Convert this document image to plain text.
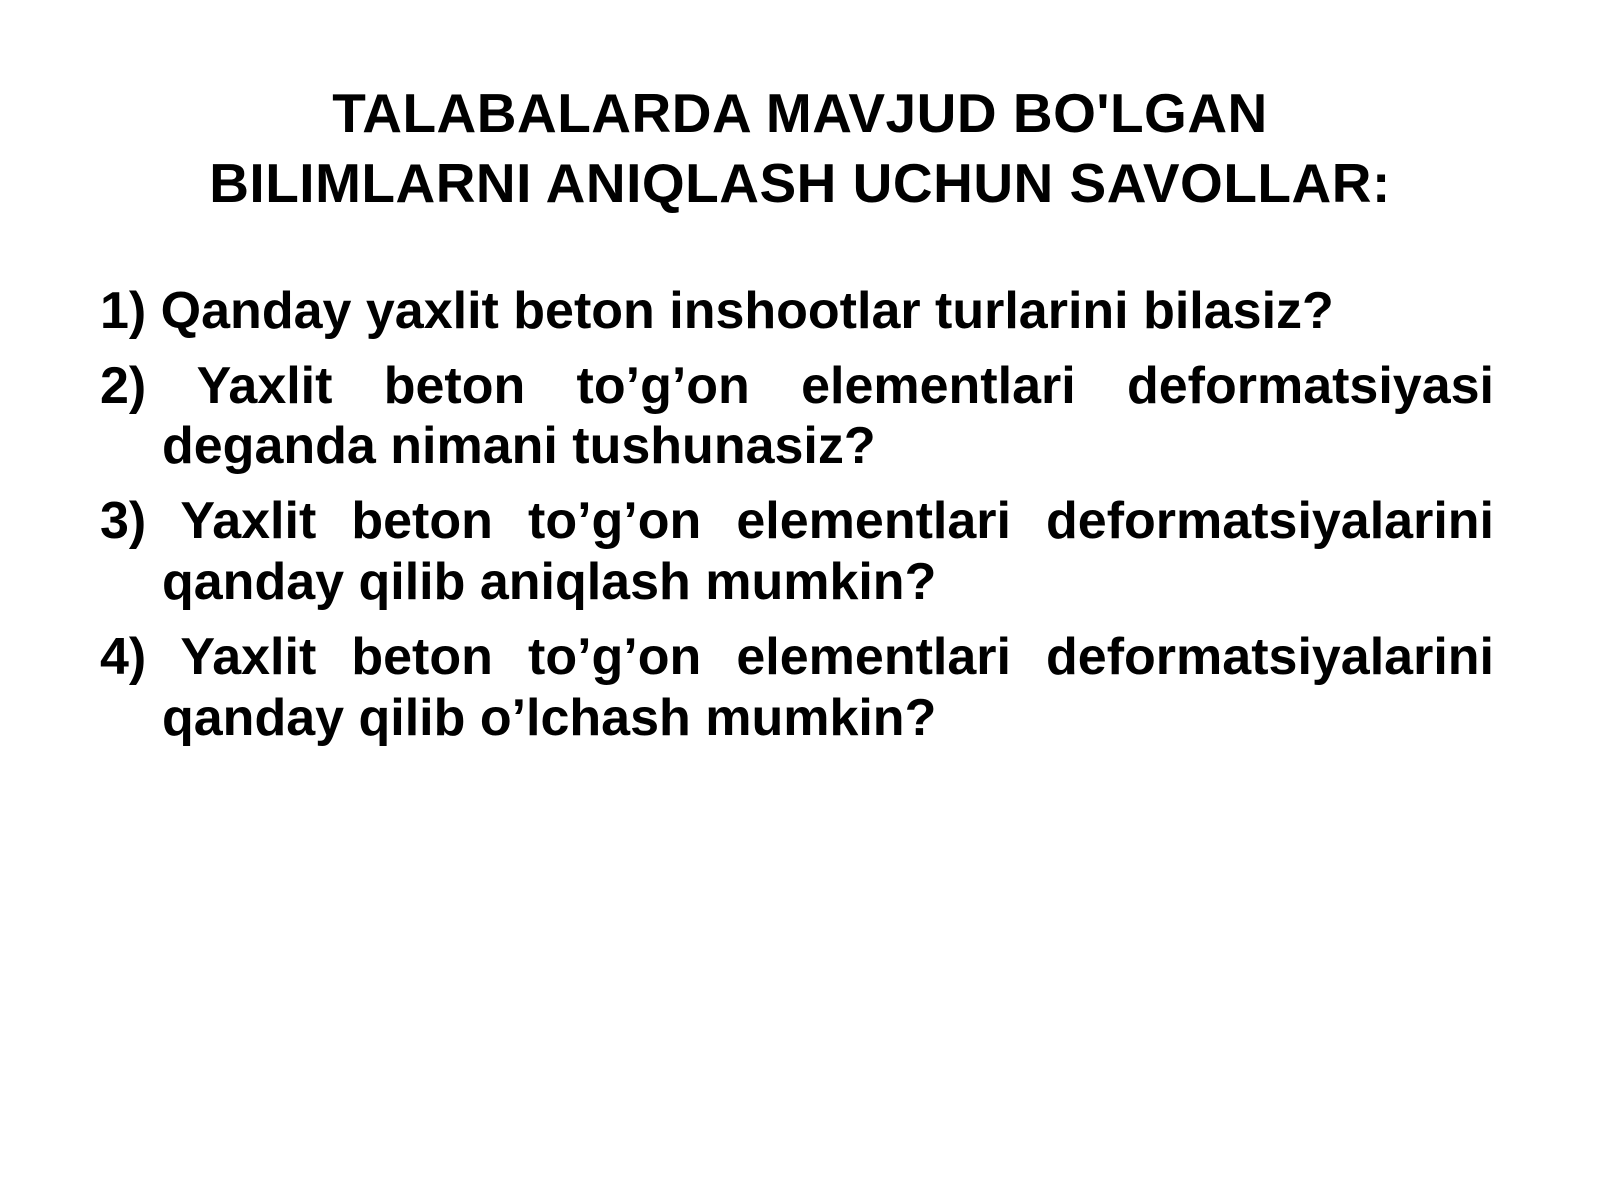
TALABALARDA MAVJUD BO'LGAN
BILIMLARNI ANIQLASH UCHUN SAVOLLAR:

1) Qanday yaxlit beton inshootlar turlarini bilasiz?

2) Yaxlit beton to’g’on elementlari deformatsiyasi deganda nimani tushunasiz?

3) Yaxlit beton to’g’on elementlari deformatsiyalarini qanday qilib aniqlash mumkin?

4) Yaxlit beton to’g’on elementlari deformatsiyalarini qanday qilib o’lchash mumkin?
